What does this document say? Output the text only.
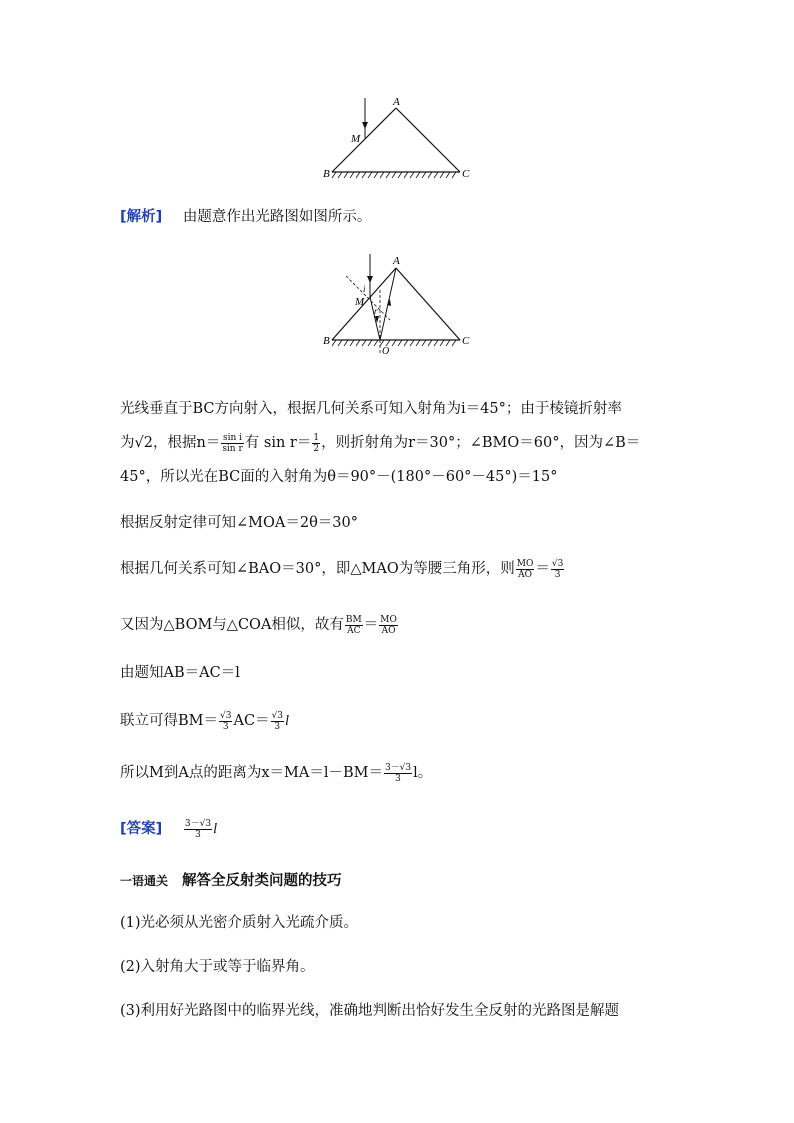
A
B	C
M
[解析] 由题意作出光路图如图所示。
A
B	C
M
O
i
r
光线垂直于BC方向射入，根据几何关系可知入射角为i＝45°；由于棱镜折射率
为√2，根据$n= \frac{\text{sin i}}{\text{sin r}}$ 有 $\sin r= \frac{1}{2}$ ，则折射角为r＝30°；∠BMO＝60°，因为∠B＝
45°，所以光在BC面的入射角为θ＝90°－(180°－60°－45°)＝15°
根据反射定律可知∠MOA＝2θ＝30°
根据几何关系可知∠BAO＝30°，即△MAO为等腰三角形，则 $\frac{MO}{AO} = \frac{√3}{3}$
又因为△BOM与△COA相似，故有 $\frac{BM}{AC} = \frac{MO}{AO}$
由题知AB＝AC＝l
联立可得$BM= \frac{√3}{3} AC= \frac{√3}{3}$ l
所以M到A点的距离为$x=MA=l-BM= \frac{3-√3}{3}$ l。
[答案] $\frac{3-√3}{3}$ l
一语通关 解答全反射类问题的技巧
(1)光必须从光密介质射入光疏介质。
(2)入射角大于或等于临界角。
(3)利用好光路图中的临界光线，准确地判断出恰好发生全反射的光路图是解题
